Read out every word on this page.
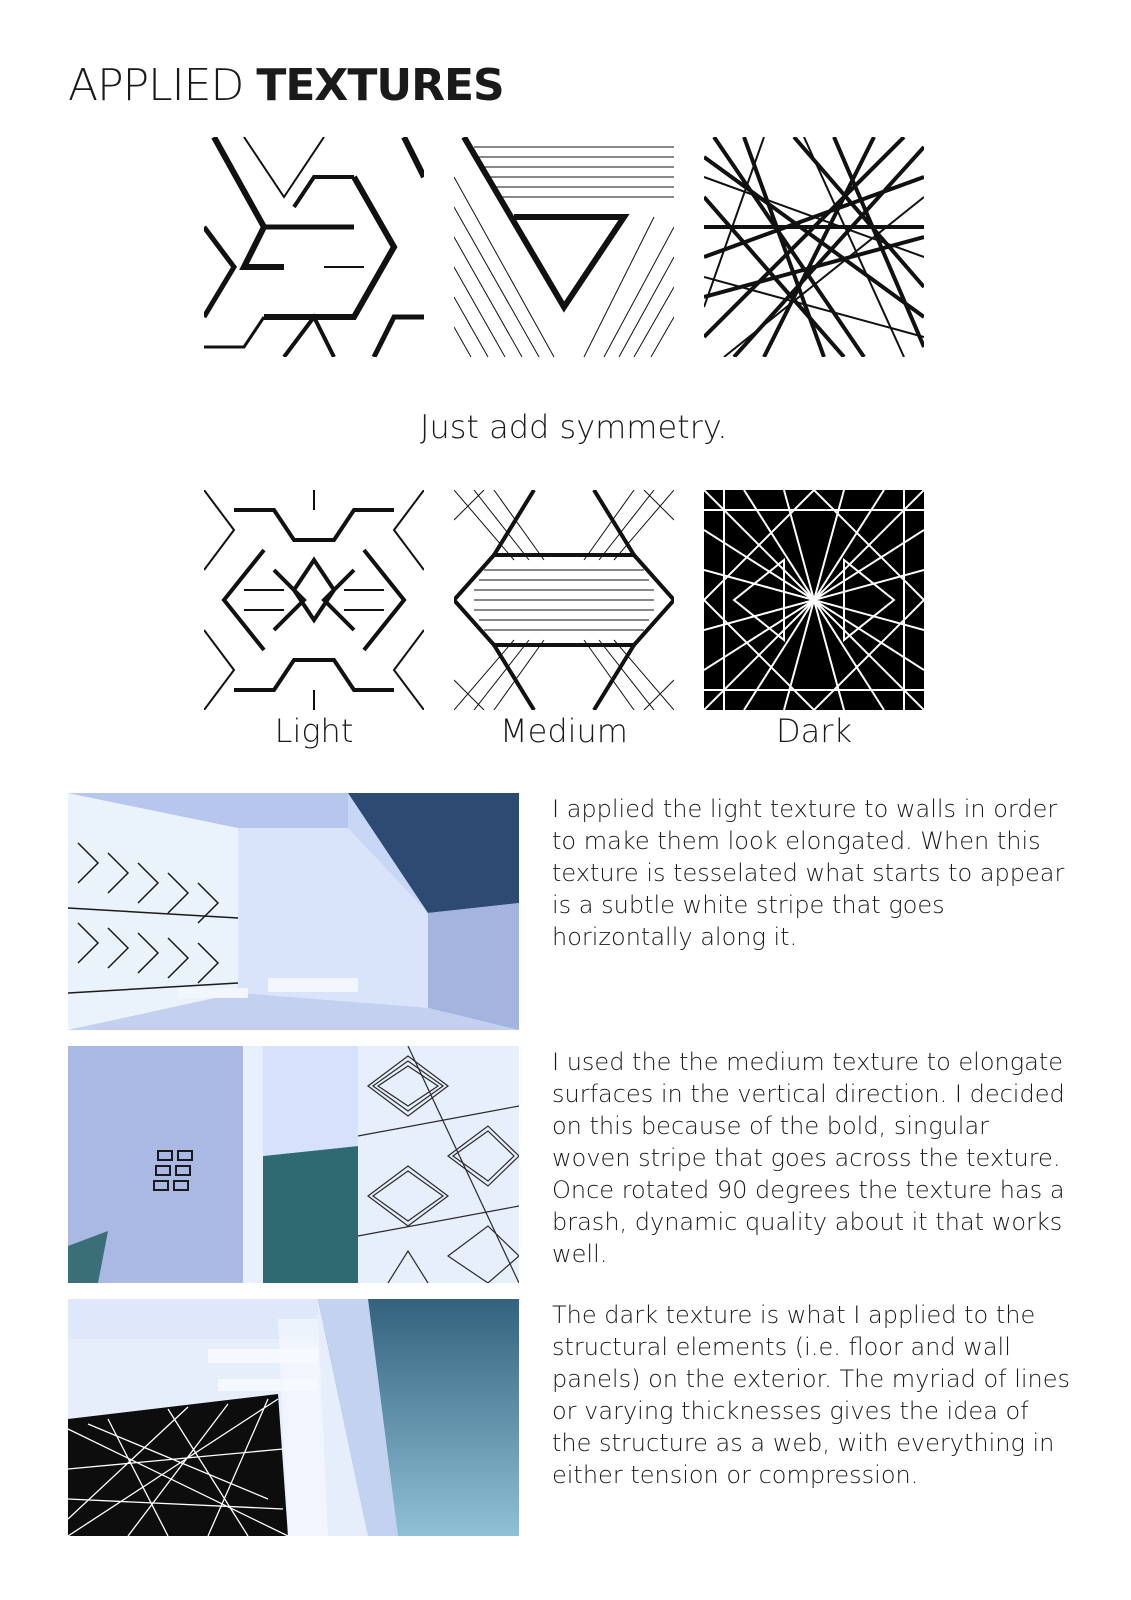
APPLIED TEXTURES
Just add symmetry.
Light	Medium	Dark
I applied the light texture to walls in order to make them look elongated. When this texture is tesselated what starts to appear is a subtle white stripe that goes horizontally along it.
I used the the medium texture to elongate surfaces in the vertical direction. I decided on this because of the bold, singular woven stripe that goes across the texture. Once rotated 90 degrees the texture has a brash, dynamic quality about it that works well.
The dark texture is what I applied to the structural elements (i.e. floor and wall panels) on the exterior. The myriad of lines or varying thicknesses gives the idea of the structure as a web, with everything in either tension or compression.
